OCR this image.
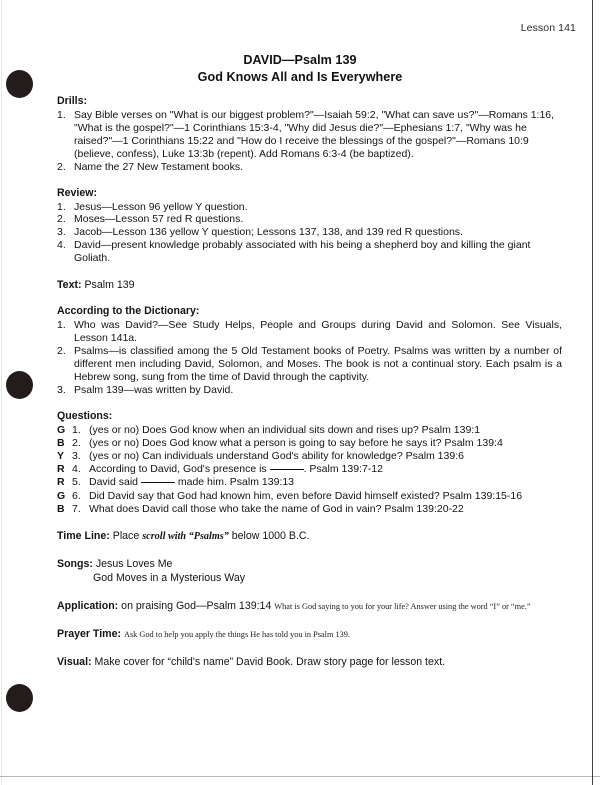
Lesson 141
DAVID—Psalm 139
God Knows All and Is Everywhere
Drills:
1. Say Bible verses on "What is our biggest problem?"—Isaiah 59:2, "What can save us?"—Romans 1:16, "What is the gospel?"—1 Corinthians 15:3-4, "Why did Jesus die?"—Ephesians 1:7, "Why was he raised?"—1 Corinthians 15:22 and "How do I receive the blessings of the gospel?"—Romans 10:9 (believe, confess), Luke 13:3b (repent). Add Romans 6:3-4 (be baptized).
2. Name the 27 New Testament books.
Review:
1. Jesus—Lesson 96 yellow Y question.
2. Moses—Lesson 57 red R questions.
3. Jacob—Lesson 136 yellow Y question; Lessons 137, 138, and 139 red R questions.
4. David—present knowledge probably associated with his being a shepherd boy and killing the giant Goliath.
Text: Psalm 139
According to the Dictionary:
1. Who was David?—See Study Helps, People and Groups during David and Solomon. See Visuals, Lesson 141a.
2. Psalms—is classified among the 5 Old Testament books of Poetry. Psalms was written by a number of different men including David, Solomon, and Moses. The book is not a continual story. Each psalm is a Hebrew song, sung from the time of David through the captivity.
3. Psalm 139—was written by David.
Questions:
G 1. (yes or no) Does God know when an individual sits down and rises up? Psalm 139:1
B 2. (yes or no) Does God know what a person is going to say before he says it? Psalm 139:4
Y 3. (yes or no) Can individuals understand God's ability for knowledge? Psalm 139:6
R 4. According to David, God's presence is	. Psalm 139:7-12
R 5. David said	made him. Psalm 139:13
G 6. Did David say that God had known him, even before David himself existed? Psalm 139:15-16
B 7. What does David call those who take the name of God in vain? Psalm 139:20-22
Time Line: Place scroll with “Psalms” below 1000 B.C.
Songs: Jesus Loves Me
God Moves in a Mysterious Way
Application: on praising God—Psalm 139:14 What is God saying to you for your life? Answer using the word “I” or “me.”
Prayer Time: Ask God to help you apply the things He has told you in Psalm 139.
Visual: Make cover for “child's name” David Book. Draw story page for lesson text.
